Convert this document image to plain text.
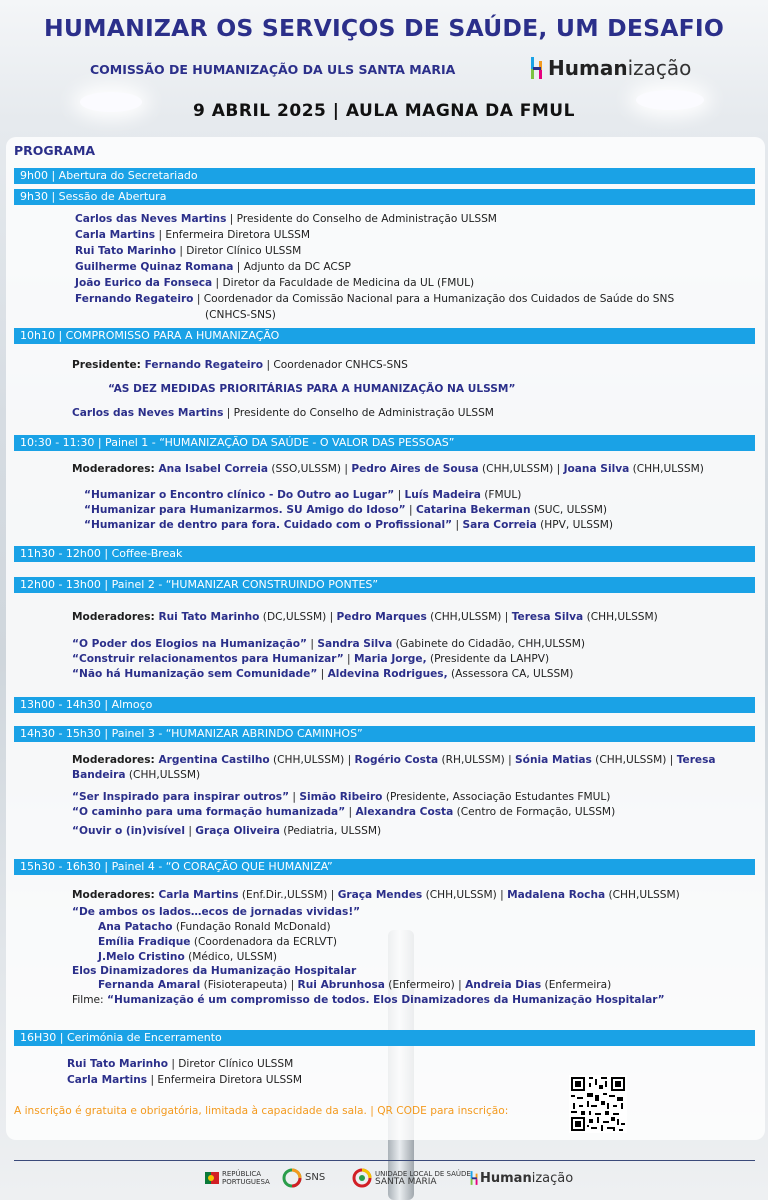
HUMANIZAR OS SERVIÇOS DE SAÚDE, UM DESAFIO
COMISSÃO DE HUMANIZAÇÃO DA ULS SANTA MARIA	Humanização
9 ABRIL 2025 | AULA MAGNA DA FMUL
PROGRAMA
9h00 | Abertura do Secretariado
9h30 | Sessão de Abertura
Carlos das Neves Martins | Presidente do Conselho de Administração ULSSM
Carla Martins | Enfermeira Diretora ULSSM
Rui Tato Marinho | Diretor Clínico ULSSM
Guilherme Quinaz Romana | Adjunto da DC ACSP
João Eurico da Fonseca | Diretor da Faculdade de Medicina da UL (FMUL)
Fernando Regateiro | Coordenador da Comissão Nacional para a Humanização dos Cuidados de Saúde do SNS
(CNHCS-SNS)
10h10 | COMPROMISSO PARA A HUMANIZAÇÃO
Presidente: Fernando Regateiro | Coordenador CNHCS-SNS
“AS DEZ MEDIDAS PRIORITÁRIAS PARA A HUMANIZAÇÃO NA ULSSM”
Carlos das Neves Martins | Presidente do Conselho de Administração ULSSM
10:30 - 11:30 | Painel 1 - “HUMANIZAÇÃO DA SAÚDE - O VALOR DAS PESSOAS”
Moderadores: Ana Isabel Correia (SSO,ULSSM) | Pedro Aires de Sousa (CHH,ULSSM) | Joana Silva (CHH,ULSSM)
“Humanizar o Encontro clínico - Do Outro ao Lugar” | Luís Madeira (FMUL)
“Humanizar para Humanizarmos. SU Amigo do Idoso” | Catarina Bekerman (SUC, ULSSM)
“Humanizar de dentro para fora. Cuidado com o Profissional” | Sara Correia (HPV, ULSSM)
11h30 - 12h00 | Coffee-Break
12h00 - 13h00 | Painel 2 - “HUMANIZAR CONSTRUINDO PONTES”
Moderadores: Rui Tato Marinho (DC,ULSSM) | Pedro Marques (CHH,ULSSM) | Teresa Silva (CHH,ULSSM)
“O Poder dos Elogios na Humanização” | Sandra Silva (Gabinete do Cidadão, CHH,ULSSM)
“Construir relacionamentos para Humanizar” | Maria Jorge, (Presidente da LAHPV)
“Não há Humanização sem Comunidade” | Aldevina Rodrigues, (Assessora CA, ULSSM)
13h00 - 14h30 | Almoço
14h30 - 15h30 | Painel 3 - “HUMANIZAR ABRINDO CAMINHOS”
Moderadores: Argentina Castilho (CHH,ULSSM) | Rogério Costa (RH,ULSSM) | Sónia Matias (CHH,ULSSM) | Teresa
Bandeira (CHH,ULSSM)
“Ser Inspirado para inspirar outros” | Simão Ribeiro (Presidente, Associação Estudantes FMUL)
“O caminho para uma formação humanizada” | Alexandra Costa (Centro de Formação, ULSSM)
“Ouvir o (in)visível | Graça Oliveira (Pediatria, ULSSM)
15h30 - 16h30 | Painel 4 - “O CORAÇÃO QUE HUMANIZA”
Moderadores: Carla Martins (Enf.Dir.,ULSSM) | Graça Mendes (CHH,ULSSM) | Madalena Rocha (CHH,ULSSM)
“De ambos os lados…ecos de jornadas vividas!”
Ana Patacho (Fundação Ronald McDonald)
Emília Fradique (Coordenadora da ECRLVT)
J.Melo Cristino (Médico, ULSSM)
Elos Dinamizadores da Humanização Hospitalar
Fernanda Amaral (Fisioterapeuta) | Rui Abrunhosa (Enfermeiro) | Andreia Dias (Enfermeira)
Filme: “Humanização é um compromisso de todos. Elos Dinamizadores da Humanização Hospitalar”
16H30 | Cerimónia de Encerramento
Rui Tato Marinho | Diretor Clínico ULSSM
Carla Martins | Enfermeira Diretora ULSSM
A inscrição é gratuita e obrigatória, limitada à capacidade da sala. | QR CODE para inscrição:
REPÚBLICA
PORTUGUESA	SNS	UNIDADE LOCAL DE SAÚDE
SANTA MARIA	Humanização
